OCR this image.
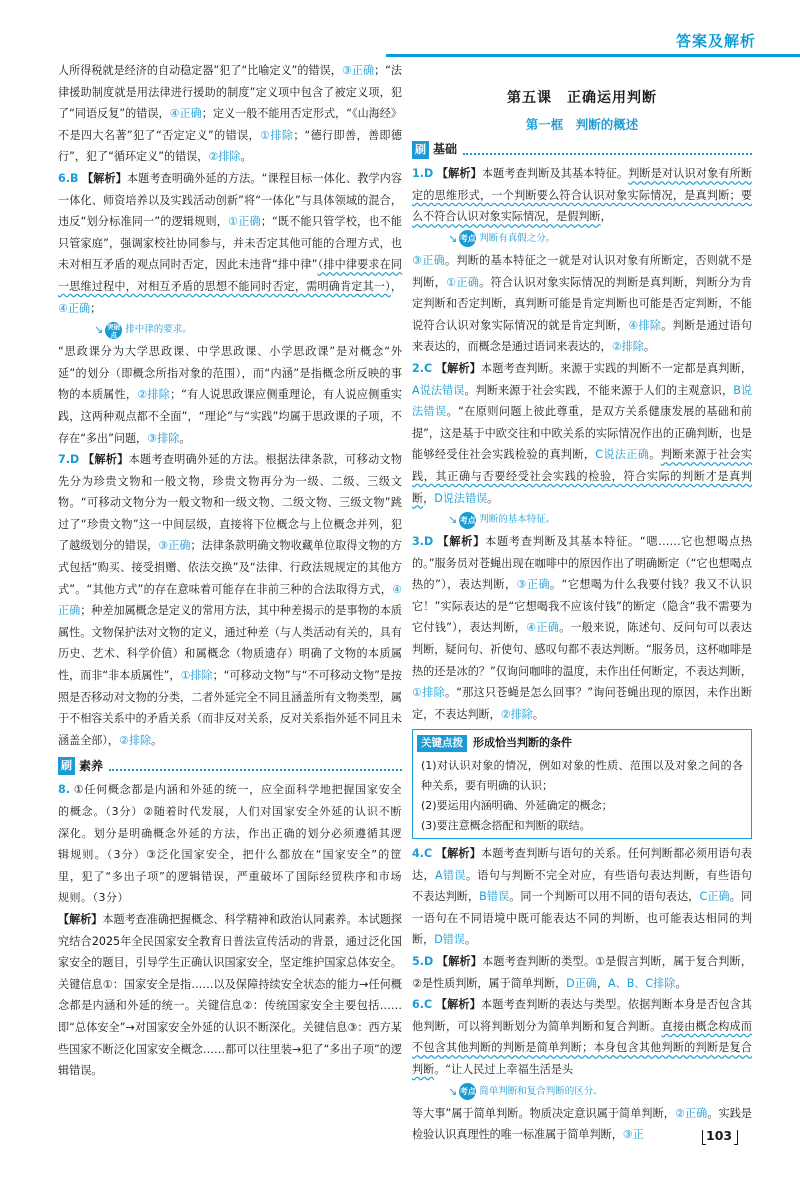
答案及解析
人所得税就是经济的自动稳定器”犯了“比喻定义”的错误，③正确；“法律援助制度就是用法律进行援助的制度”定义项中包含了被定义项，犯了“同语反复”的错误，④正确；定义一般不能用否定形式，“《山海经》不是四大名著”犯了“否定定义”的错误，①排除；“德行即善，善即德行”，犯了“循环定义”的错误，②排除。
6.B 【解析】本题考查明确外延的方法。“课程目标一体化、教学内容一体化、师资培养以及实践活动创新”将“一体化”与具体领域的混合，违反“划分标准同一”的逻辑规则，①正确；“既不能只管学校，也不能只管家庭”，强调家校社协同参与，并未否定其他可能的合理方式，也未对相互矛盾的观点同时否定，因此未违背“排中律”（排中律要求在同一思维过程中，对相互矛盾的思想不能同时否定，需明确肯定其一），④正确；
↘ 突破点 排中律的要求。
“思政课分为大学思政课、中学思政课、小学思政课”是对概念“外延”的划分（即概念所指对象的范围），而“内涵”是指概念所反映的事物的本质属性，②排除；“有人说思政课应侧重理论，有人说应侧重实践，这两种观点都不全面”，“理论”与“实践”均属于思政课的子项，不存在“多出”问题，③排除。
7.D 【解析】本题考查明确外延的方法。根据法律条款，可移动文物先分为珍贵文物和一般文物，珍贵文物再分为一级、二级、三级文物。“可移动文物分为一般文物和一级文物、二级文物、三级文物”跳过了“珍贵文物”这一中间层级，直接将下位概念与上位概念并列，犯了越级划分的错误，③正确；法律条款明确文物收藏单位取得文物的方式包括“购买、接受捐赠、依法交换”及“法律、行政法规规定的其他方式”。“其他方式”的存在意味着可能存在非前三种的合法取得方式，④正确；种差加属概念是定义的常用方法，其中种差揭示的是事物的本质属性。文物保护法对文物的定义，通过种差（与人类活动有关的，具有历史、艺术、科学价值）和属概念（物质遗存）明确了文物的本质属性，而非“非本质属性”，①排除；“可移动文物”与“不可移动文物”是按照是否移动对文物的分类，二者外延完全不同且涵盖所有文物类型，属于不相容关系中的矛盾关系（而非反对关系，反对关系指外延不同且未涵盖全部），②排除。
刷 素养
8. ①任何概念都是内涵和外延的统一，应全面科学地把握国家安全的概念。（3分）②随着时代发展，人们对国家安全外延的认识不断深化。划分是明确概念外延的方法，作出正确的划分必须遵循其逻辑规则。（3分）③泛化国家安全，把什么都放在“国家安全”的筐里，犯了“多出子项”的逻辑错误，严重破坏了国际经贸秩序和市场规则。（3分）
【解析】本题考查准确把握概念、科学精神和政治认同素养。本试题探究结合2025年全民国家安全教育日普法宣传活动的背景，通过泛化国家安全的题目，引导学生正确认识国家安全，坚定维护国家总体安全。关键信息①：国家安全是指……以及保障持续安全状态的能力→任何概念都是内涵和外延的统一。关键信息②：传统国家安全主要包括……即“总体安全”→对国家安全外延的认识不断深化。关键信息③：西方某些国家不断泛化国家安全概念……都可以往里装→犯了“多出子项”的逻辑错误。
第五课　正确运用判断
第一框　判断的概述
刷 基础
1.D 【解析】本题考查判断及其基本特征。判断是对认识对象有所断定的思维形式，一个判断要么符合认识对象实际情况，是真判断；要么不符合认识对象实际情况，是假判断，
↘ 考点 判断有真假之分。
③正确。判断的基本特征之一就是对认识对象有所断定，否则就不是判断，①正确。符合认识对象实际情况的判断是真判断，判断分为肯定判断和否定判断，真判断可能是肯定判断也可能是否定判断，不能说符合认识对象实际情况的就是肯定判断，④排除。判断是通过语句来表达的，而概念是通过语词来表达的，②排除。
2.C 【解析】本题考查判断。来源于实践的判断不一定都是真判断，A说法错误。判断来源于社会实践，不能来源于人们的主观意识，B说法错误。“在原则问题上彼此尊重，是双方关系健康发展的基础和前提”，这是基于中欧交往和中欧关系的实际情况作出的正确判断，也是能够经受住社会实践检验的真判断，C说法正确。判断来源于社会实践，其正确与否要经受社会实践的检验，符合实际的判断才是真判断，D说法错误。
↘ 考点 判断的基本特征。
3.D 【解析】本题考查判断及其基本特征。“嗯……它也想喝点热的。”服务员对苍蝇出现在咖啡中的原因作出了明确断定（“它也想喝点热的”），表达判断，③正确。“它想喝为什么我要付钱？我又不认识它！”实际表达的是“它想喝我不应该付钱”的断定（隐含“我不需要为它付钱”），表达判断，④正确。一般来说，陈述句、反问句可以表达判断，疑问句、祈使句、感叹句都不表达判断。“服务员，这杯咖啡是热的还是冰的？”仅询问咖啡的温度，未作出任何断定，不表达判断，①排除。“那这只苍蝇是怎么回事？”询问苍蝇出现的原因，未作出断定，不表达判断，②排除。
关键点拨 形成恰当判断的条件
(1)对认识对象的情况，例如对象的性质、范围以及对象之间的各种关系，要有明确的认识；
(2)要运用内涵明确、外延确定的概念；
(3)要注意概念搭配和判断的联结。
4.C 【解析】本题考查判断与语句的关系。任何判断都必须用语句表达，A错误。语句与判断不完全对应，有些语句表达判断，有些语句不表达判断，B错误。同一个判断可以用不同的语句表达，C正确。同一语句在不同语境中既可能表达不同的判断，也可能表达相同的判断，D错误。
5.D 【解析】本题考查判断的类型。①是假言判断，属于复合判断，②是性质判断，属于简单判断，D正确，A、B、C排除。
6.C 【解析】本题考查判断的表达与类型。依据判断本身是否包含其他判断，可以将判断划分为简单判断和复合判断。直接由概念构成而不包含其他判断的判断是简单判断；本身包含其他判断的判断是复合判断。“让人民过上幸福生活是头
↘ 考点 简单判断和复合判断的区分。
等大事”属于简单判断。物质决定意识属于简单判断，②正确。实践是检验认识真理性的唯一标准属于简单判断，③正	103
